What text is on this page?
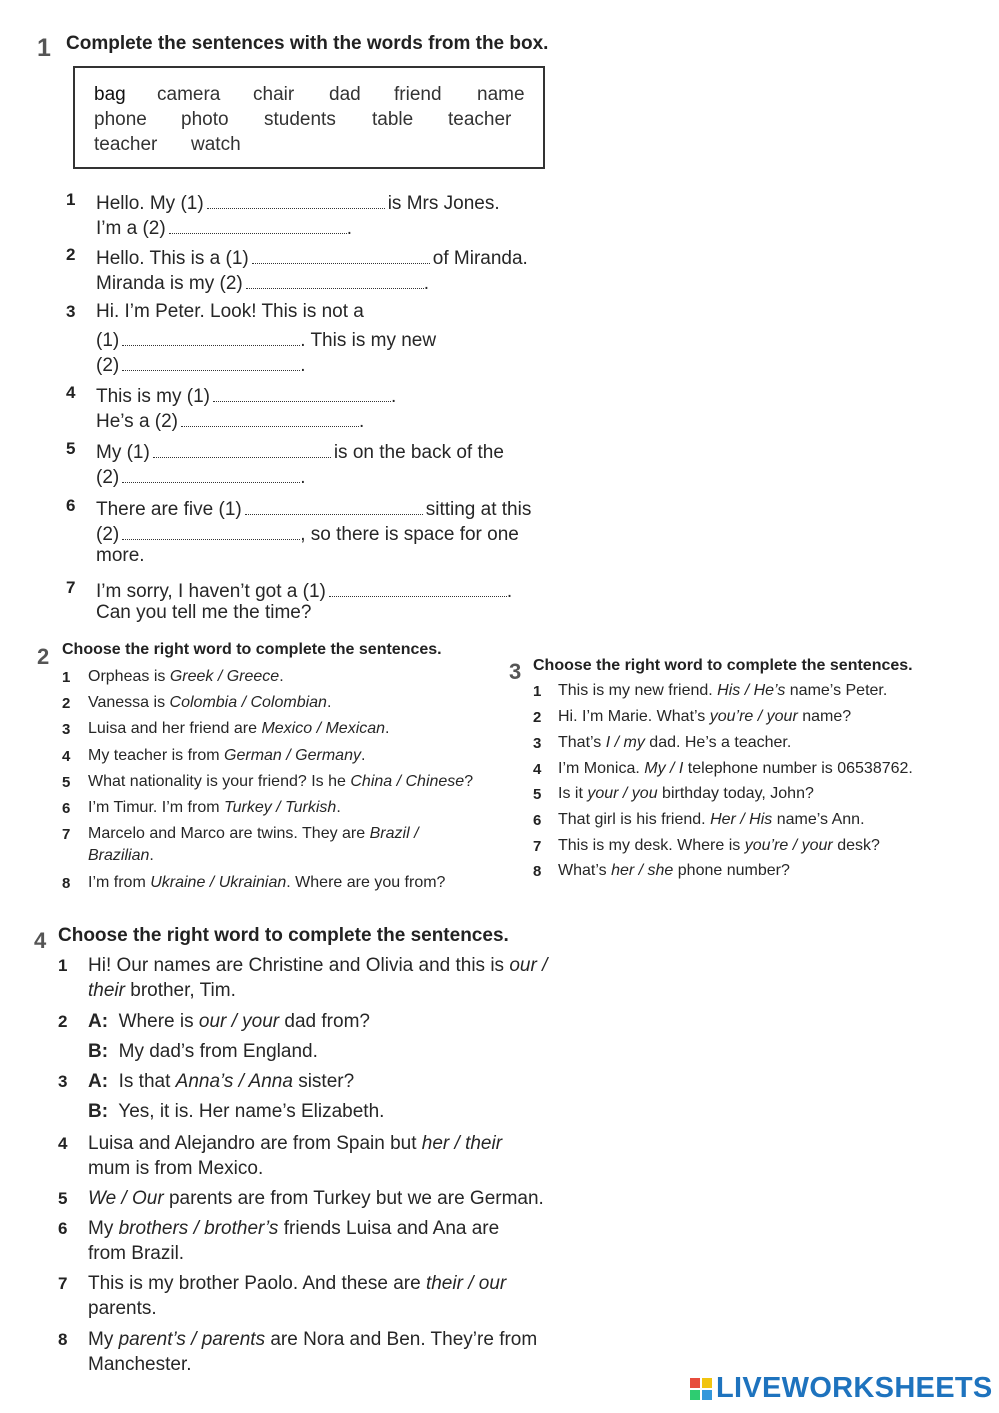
1 Complete the sentences with the words from the box.
bag camera chair dad friend name
phone photo students table teacher
teacher watch
1 Hello. My (1)	is Mrs Jones.
I’m a (2)	.
2 Hello. This is a (1)	of Miranda.
Miranda is my (2)	.
3 Hi. I’m Peter. Look! This is not a
(1)	. This is my new
(2)	.
4 This is my (1)	.
He’s a (2)	.
5 My (1)	is on the back of the
(2)	.
6 There are five (1)	sitting at this
(2)	, so there is space for one
more.
7 I’m sorry, I haven’t got a (1)	.
Can you tell me the time?
2 Choose the right word to complete the sentences.
1 Orpheas is Greek / Greece.
2 Vanessa is Colombia / Colombian.
3 Luisa and her friend are Mexico / Mexican.
4 My teacher is from German / Germany.
5 What nationality is your friend? Is he China / Chinese?
6 I’m Timur. I’m from Turkey / Turkish.
7 Marcelo and Marco are twins. They are Brazil /
Brazilian.
8 I’m from Ukraine / Ukrainian. Where are you from?
3 Choose the right word to complete the sentences.
1 This is my new friend. His / He’s name’s Peter.
2 Hi. I’m Marie. What’s you’re / your name?
3 That’s I / my dad. He’s a teacher.
4 I’m Monica. My / I telephone number is 06538762.
5 Is it your / you birthday today, John?
6 That girl is his friend. Her / His name’s Ann.
7 This is my desk. Where is you’re / your desk?
8 What’s her / she phone number?
4 Choose the right word to complete the sentences.
1 Hi! Our names are Christine and Olivia and this is our /
their brother, Tim.
2 A: Where is our / your dad from?
B: My dad’s from England.
3 A: Is that Anna’s / Anna sister?
B: Yes, it is. Her name’s Elizabeth.
4 Luisa and Alejandro are from Spain but her / their
mum is from Mexico.
5 We / Our parents are from Turkey but we are German.
6 My brothers / brother’s friends Luisa and Ana are
from Brazil.
7 This is my brother Paolo. And these are their / our
parents.
8 My parent’s / parents are Nora and Ben. They’re from
Manchester.
LIVEWORKSHEETS
